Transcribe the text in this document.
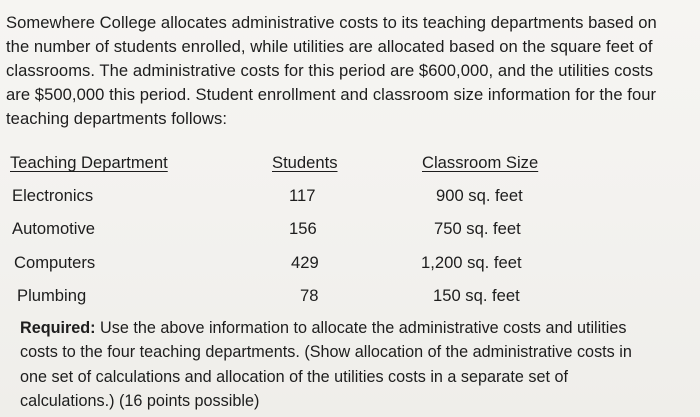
Somewhere College allocates administrative costs to its teaching departments based on
the number of students enrolled, while utilities are allocated based on the square feet of
classrooms. The administrative costs for this period are $600,000, and the utilities costs
are $500,000 this period. Student enrollment and classroom size information for the four
teaching departments follows:
Teaching Department	Students	Classroom Size
Electronics	117	900 sq. feet
Automotive	156	750 sq. feet
Computers	429	1,200 sq. feet
Plumbing	78	150 sq. feet
Required: Use the above information to allocate the administrative costs and utilities
costs to the four teaching departments. (Show allocation of the administrative costs in
one set of calculations and allocation of the utilities costs in a separate set of
calculations.) (16 points possible)
